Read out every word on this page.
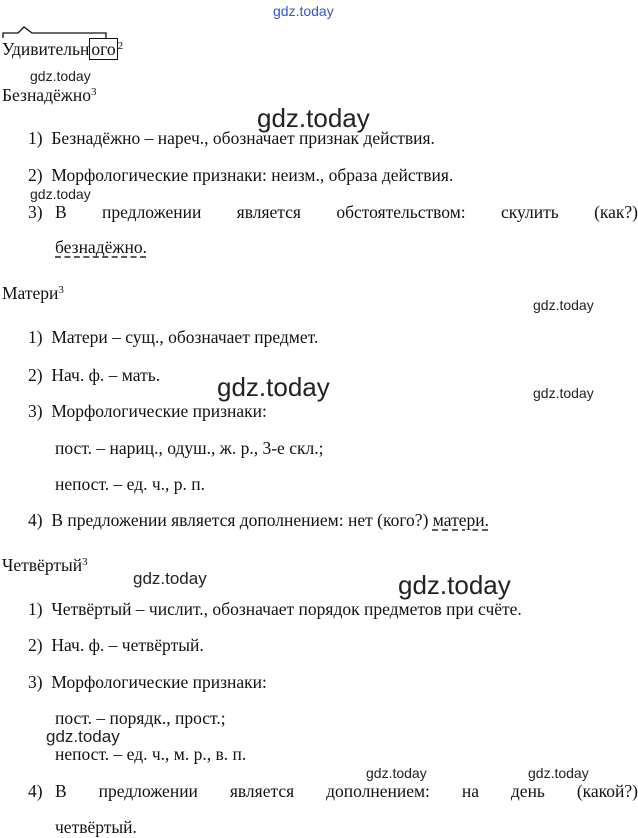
gdz.today
gdz.today
gdz.today
gdz.today
gdz.today
gdz.today	gdz.today
gdz.today	gdz.today
gdz.today
gdz.today	gdz.today
Удивительн ого $^2$
Безнадёжно$^3$
1) Безнадёжно – нареч., обозначает признак действия.
2) Морфологические признаки: неизм., образа действия.
3) В предложении является обстоятельством: скулить (как?)
безнадёжно.
Матери$^3$
1) Матери – сущ., обозначает предмет.
2) Нач. ф. – мать.
3) Морфологические признаки:
пост. – нариц., одуш., ж. р., 3-е скл.;
непост. – ед. ч., р. п.
4) В предложении является дополнением: нет (кого?) матери.
Четвёртый$^3$
1) Четвёртый – числит., обозначает порядок предметов при счёте.
2) Нач. ф. – четвёртый.
3) Морфологические признаки:
пост. – порядк., прост.;
непост. – ед. ч., м. р., в. п.
4) В предложении является дополнением: на день (какой?)
четвёртый.
